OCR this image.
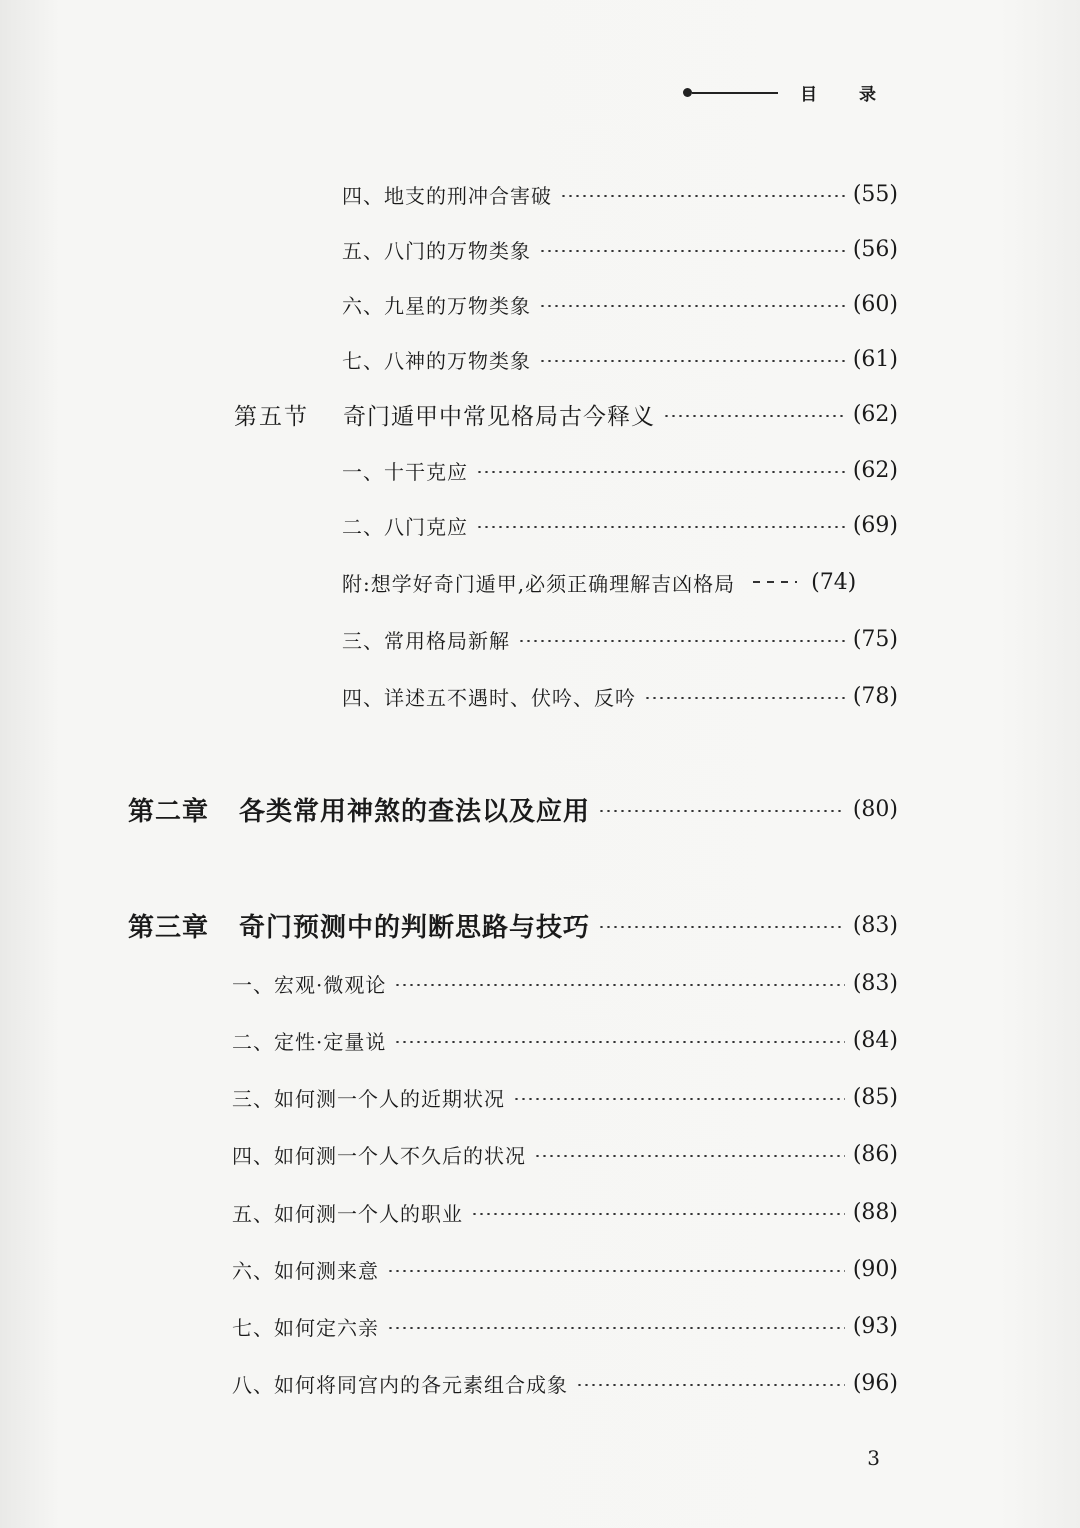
目 录
四、地支的刑冲合害破	(55)
五、八门的万物类象	(56)
六、九星的万物类象	(60)
七、八神的万物类象	(61)
第五节 奇门遁甲中常见格局古今释义	(62)
一、十干克应	(62)
二、八门克应	(69)
附:想学好奇门遁甲,必须正确理解吉凶格局	(74)
三、常用格局新解	(75)
四、详述五不遇时、伏吟、反吟	(78)
第二章 各类常用神煞的查法以及应用	(80)
第三章 奇门预测中的判断思路与技巧	(83)
一、宏观·微观论	(83)
二、定性·定量说	(84)
三、如何测一个人的近期状况	(85)
四、如何测一个人不久后的状况	(86)
五、如何测一个人的职业	(88)
六、如何测来意	(90)
七、如何定六亲	(93)
八、如何将同宫内的各元素组合成象	(96)
3
